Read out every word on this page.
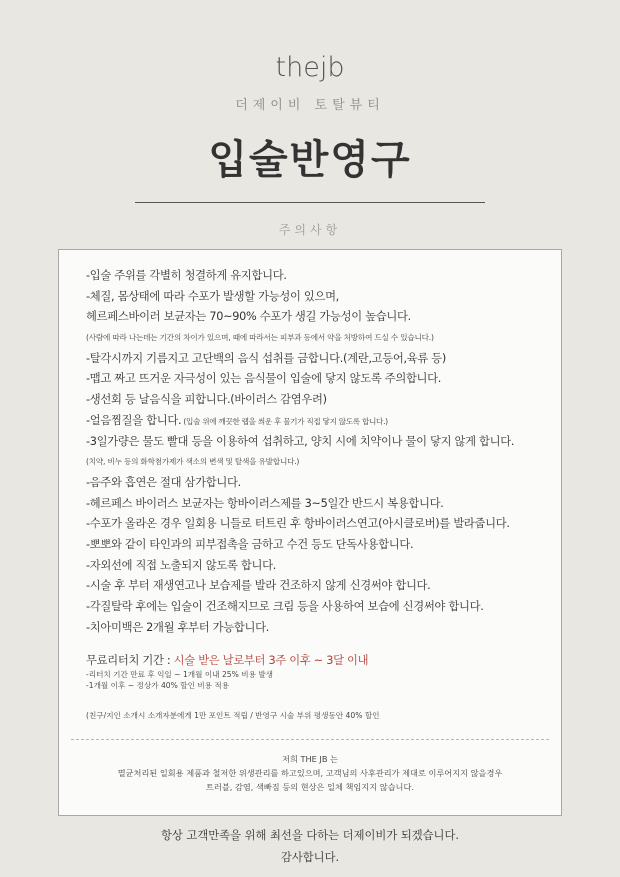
thejb
더제이비 토탈뷰티
입술반영구
주의사항
-입술 주위를 각별히 청결하게 유지합니다.
-체질, 몸상태에 따라 수포가 발생할 가능성이 있으며,
헤르페스바이러 보균자는 70~90% 수포가 생길 가능성이 높습니다.
(사람에 따라 나는데는 기간의 차이가 있으며, 때에 따라서는 피부과 등에서 약을 처방하여 드실 수 있습니다.)
-탈각시까지 기름지고 고단백의 음식 섭취를 금합니다.(계란,고등어,육류 등)
-맵고 짜고 뜨거운 자극성이 있는 음식물이 입술에 닿지 않도록 주의합니다.
-생선회 등 날음식을 피합니다.(바이러스 감염우려)
-얼음찜질을 합니다. (입술 위에 깨끗한 랩을 씌운 후 물기가 직접 닿지 않도록 합니다.)
-3일가량은 물도 빨대 등을 이용하여 섭취하고, 양치 시에 치약이나 물이 닿지 않게 합니다.
(치약, 비누 등의 화학첨가제가 색소의 변색 및 탈색을 유발합니다.)
-음주와 흡연은 절대 삼가합니다.
-헤르페스 바이러스 보균자는 항바이러스제를 3~5일간 반드시 복용합니다.
-수포가 올라온 경우 일회용 니들로 터트린 후 항바이러스연고(아시클로버)를 발라줍니다.
-뽀뽀와 같이 타인과의 피부접촉을 금하고 수건 등도 단독사용합니다.
-자외선에 직접 노출되지 않도록 합니다.
-시술 후 부터 재생연고나 보습제를 발라 건조하지 않게 신경써야 합니다.
-각질탈락 후에는 입술이 건조해지므로 크림 등을 사용하여 보습에 신경써야 합니다.
-치아미백은 2개월 후부터 가능합니다.
무료리터치 기간 : 시술 받은 날로부터 3주 이후 ~ 3달 이내
-리터치 기간 만료 후 익일 ~ 1개월 이내 25% 비용 발생
-1개월 이후 ~ 정상가 40% 할인 비용 적용
(친구/지인 소개시 소개자분에게 1만 포인트 적립 / 반영구 시술 부위 평생동안 40% 할인
저희 THE JB 는
멸균처리된 일회용 제품과 철저한 위생관리를 하고있으며, 고객님의 사후관리가 제대로 이루어지지 않을경우
트러블, 감염, 색빠짐 등의 현상은 일체 책임지지 않습니다.
항상 고객만족을 위해 최선을 다하는 더제이비가 되겠습니다.
감사합니다.
